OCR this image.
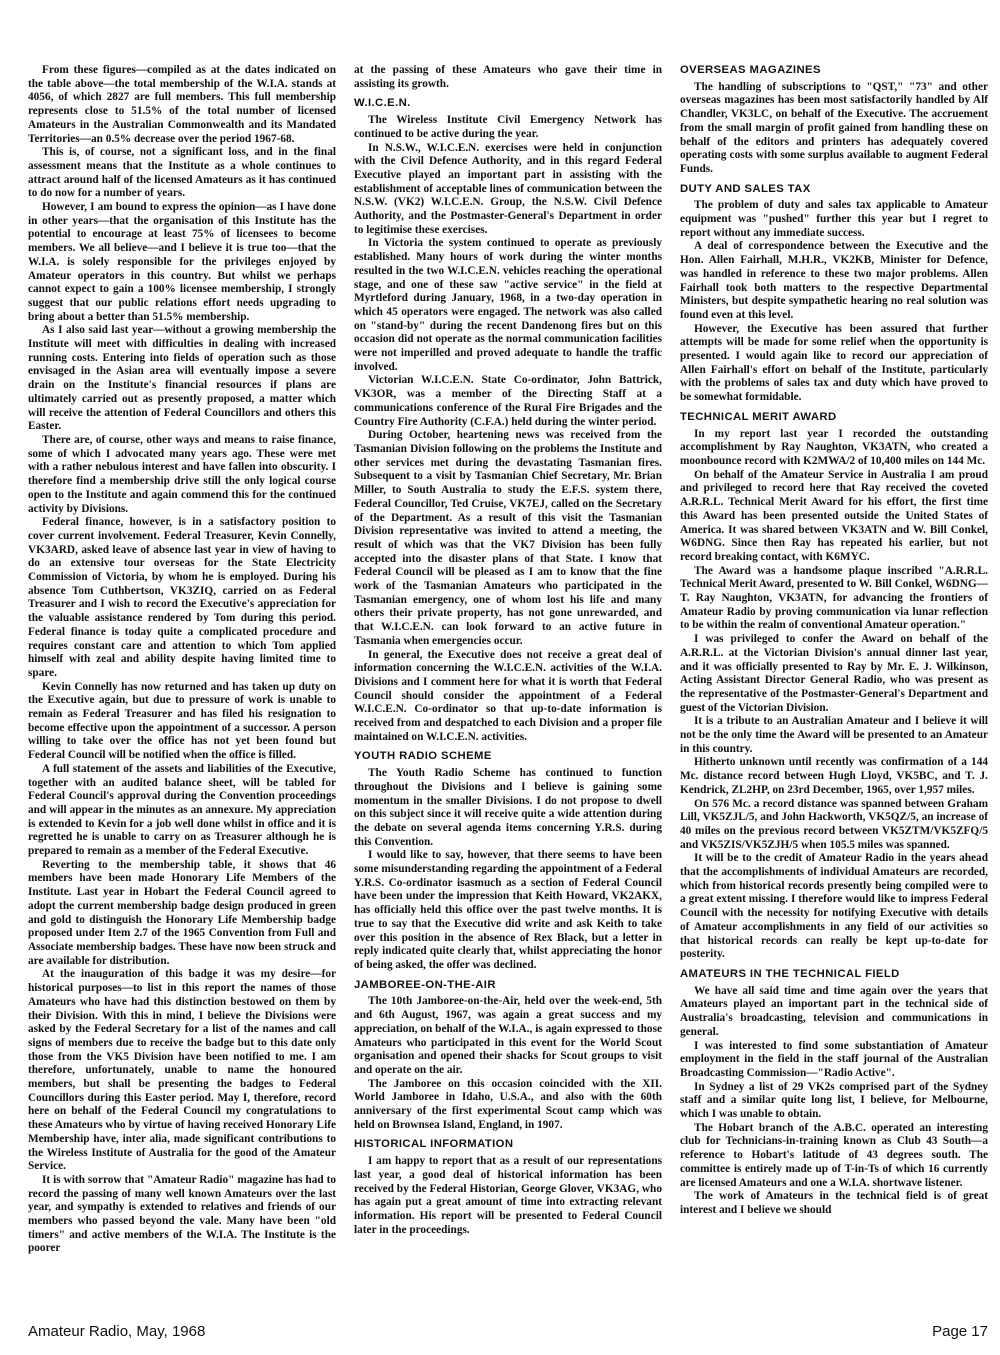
From these figures—compiled as at the dates indicated on the table above—the total membership of the W.I.A. stands at 4056, of which 2827 are full members. This full membership represents close to 51.5% of the total number of licensed Amateurs in the Australian Commonwealth and its Mandated Territories—an 0.5% decrease over the period 1967-68.

This is, of course, not a significant loss, and in the final assessment means that the Institute as a whole continues to attract around half of the licensed Amateurs as it has continued to do now for a number of years.

However, I am bound to express the opinion—as I have done in other years—that the organisation of this Institute has the potential to encourage at least 75% of licensees to become members. We all believe—and I believe it is true too—that the W.I.A. is solely responsible for the privileges enjoyed by Amateur operators in this country. But whilst we perhaps cannot expect to gain a 100% licensee membership, I strongly suggest that our public relations effort needs upgrading to bring about a better than 51.5% membership.

As I also said last year—without a growing membership the Institute will meet with difficulties in dealing with increased running costs. Entering into fields of operation such as those envisaged in the Asian area will eventually impose a severe drain on the Institute's financial resources if plans are ultimately carried out as presently proposed, a matter which will receive the attention of Federal Councillors and others this Easter.

There are, of course, other ways and means to raise finance, some of which I advocated many years ago. These were met with a rather nebulous interest and have fallen into obscurity. I therefore find a membership drive still the only logical course open to the Institute and again commend this for the continued activity by Divisions.

Federal finance, however, is in a satisfactory position to cover current involvement. Federal Treasurer, Kevin Connelly, VK3ARD, asked leave of absence last year in view of having to do an extensive tour overseas for the State Electricity Commission of Victoria, by whom he is employed. During his absence Tom Cuthbertson, VK3ZIQ, carried on as Federal Treasurer and I wish to record the Executive's appreciation for the valuable assistance rendered by Tom during this period. Federal finance is today quite a complicated procedure and requires constant care and attention to which Tom applied himself with zeal and ability despite having limited time to spare.

Kevin Connelly has now returned and has taken up duty on the Executive again, but due to pressure of work is unable to remain as Federal Treasurer and has filed his resignation to become effective upon the appointment of a successor. A person willing to take over the office has not yet been found but Federal Council will be notified when the office is filled.

A full statement of the assets and liabilities of the Executive, together with an audited balance sheet, will be tabled for Federal Council's approval during the Convention proceedings and will appear in the minutes as an annexure. My appreciation is extended to Kevin for a job well done whilst in office and it is regretted he is unable to carry on as Treasurer although he is prepared to remain as a member of the Federal Executive.

Reverting to the membership table, it shows that 46 members have been made Honorary Life Members of the Institute. Last year in Hobart the Federal Council agreed to adopt the current membership badge design produced in green and gold to distinguish the Honorary Life Membership badge proposed under Item 2.7 of the 1965 Convention from Full and Associate membership badges. These have now been struck and are available for distribution.

At the inauguration of this badge it was my desire—for historical purposes—to list in this report the names of those Amateurs who have had this distinction bestowed on them by their Division. With this in mind, I believe the Divisions were asked by the Federal Secretary for a list of the names and call signs of members due to receive the badge but to this date only those from the VK5 Division have been notified to me. I am therefore, unfortunately, unable to name the honoured members, but shall be presenting the badges to Federal Councillors during this Easter period. May I, therefore, record here on behalf of the Federal Council my congratulations to these Amateurs who by virtue of having received Honorary Life Membership have, inter alia, made significant contributions to the Wireless Institute of Australia for the good of the Amateur Service.

It is with sorrow that "Amateur Radio" magazine has had to record the passing of many well known Amateurs over the last year, and sympathy is extended to relatives and friends of our members who passed beyond the vale. Many have been "old timers" and active members of the W.I.A. The Institute is the poorer

at the passing of these Amateurs who gave their time in assisting its growth.

W.I.C.E.N.

The Wireless Institute Civil Emergency Network has continued to be active during the year.

In N.S.W., W.I.C.E.N. exercises were held in conjunction with the Civil Defence Authority, and in this regard Federal Executive played an important part in assisting with the establishment of acceptable lines of communication between the N.S.W. (VK2) W.I.C.E.N. Group, the N.S.W. Civil Defence Authority, and the Postmaster-General's Department in order to legitimise these exercises.

In Victoria the system continued to operate as previously established. Many hours of work during the winter months resulted in the two W.I.C.E.N. vehicles reaching the operational stage, and one of these saw "active service" in the field at Myrtleford during January, 1968, in a two-day operation in which 45 operators were engaged. The network was also called on "stand-by" during the recent Dandenong fires but on this occasion did not operate as the normal communication facilities were not imperilled and proved adequate to handle the traffic involved.

Victorian W.I.C.E.N. State Co-ordinator, John Battrick, VK3OR, was a member of the Directing Staff at a communications conference of the Rural Fire Brigades and the Country Fire Authority (C.F.A.) held during the winter period.

During October, heartening news was received from the Tasmanian Division following on the problems the Institute and other services met during the devastating Tasmanian fires. Subsequent to a visit by Tasmanian Chief Secretary, Mr. Brian Miller, to South Australia to study the E.F.S. system there, Federal Councillor, Ted Cruise, VK7EJ, called on the Secretary of the Department. As a result of this visit the Tasmanian Division representative was invited to attend a meeting, the result of which was that the VK7 Division has been fully accepted into the disaster plans of that State. I know that Federal Council will be pleased as I am to know that the fine work of the Tasmanian Amateurs who participated in the Tasmanian emergency, one of whom lost his life and many others their private property, has not gone unrewarded, and that W.I.C.E.N. can look forward to an active future in Tasmania when emergencies occur.

In general, the Executive does not receive a great deal of information concerning the W.I.C.E.N. activities of the W.I.A. Divisions and I comment here for what it is worth that Federal Council should consider the appointment of a Federal W.I.C.E.N. Co-ordinator so that up-to-date information is received from and despatched to each Division and a proper file maintained on W.I.C.E.N. activities.

YOUTH RADIO SCHEME

The Youth Radio Scheme has continued to function throughout the Divisions and I believe is gaining some momentum in the smaller Divisions. I do not propose to dwell on this subject since it will receive quite a wide attention during the debate on several agenda items concerning Y.R.S. during this Convention.

I would like to say, however, that there seems to have been some misunderstanding regarding the appointment of a Federal Y.R.S. Co-ordinator isasmuch as a section of Federal Council have been under the impression that Keith Howard, VK2AKX, has officially held this office over the past twelve months. It is true to say that the Executive did write and ask Keith to take over this position in the absence of Rex Black, but a letter in reply indicated quite clearly that, whilst appreciating the honor of being asked, the offer was declined.

JAMBOREE-ON-THE-AIR

The 10th Jamboree-on-the-Air, held over the week-end, 5th and 6th August, 1967, was again a great success and my appreciation, on behalf of the W.I.A., is again expressed to those Amateurs who participated in this event for the World Scout organisation and opened their shacks for Scout groups to visit and operate on the air.

The Jamboree on this occasion coincided with the XII. World Jamboree in Idaho, U.S.A., and also with the 60th anniversary of the first experimental Scout camp which was held on Brownsea Island, England, in 1907.

HISTORICAL INFORMATION

I am happy to report that as a result of our representations last year, a good deal of historical information has been received by the Federal Historian, George Glover, VK3AG, who has again put a great amount of time into extracting relevant information. His report will be presented to Federal Council later in the proceedings.

OVERSEAS MAGAZINES

The handling of subscriptions to "QST," "73" and other overseas magazines has been most satisfactorily handled by Alf Chandler, VK3LC, on behalf of the Executive. The accruement from the small margin of profit gained from handling these on behalf of the editors and printers has adequately covered operating costs with some surplus available to augment Federal Funds.

DUTY AND SALES TAX

The problem of duty and sales tax applicable to Amateur equipment was "pushed" further this year but I regret to report without any immediate success.

A deal of correspondence between the Executive and the Hon. Allen Fairhall, M.H.R., VK2KB, Minister for Defence, was handled in reference to these two major problems. Allen Fairhall took both matters to the respective Departmental Ministers, but despite sympathetic hearing no real solution was found even at this level.

However, the Executive has been assured that further attempts will be made for some relief when the opportunity is presented. I would again like to record our appreciation of Allen Fairhall's effort on behalf of the Institute, particularly with the problems of sales tax and duty which have proved to be somewhat formidable.

TECHNICAL MERIT AWARD

In my report last year I recorded the outstanding accomplishment by Ray Naughton, VK3ATN, who created a moonbounce record with K2MWA/2 of 10,400 miles on 144 Mc.

On behalf of the Amateur Service in Australia I am proud and privileged to record here that Ray received the coveted A.R.R.L. Technical Merit Award for his effort, the first time this Award has been presented outside the United States of America. It was shared between VK3ATN and W. Bill Conkel, W6DNG. Since then Ray has repeated his earlier, but not record breaking contact, with K6MYC.

The Award was a handsome plaque inscribed "A.R.R.L. Technical Merit Award, presented to W. Bill Conkel, W6DNG—T. Ray Naughton, VK3ATN, for advancing the frontiers of Amateur Radio by proving communication via lunar reflection to be within the realm of conventional Amateur operation."

I was privileged to confer the Award on behalf of the A.R.R.L. at the Victorian Division's annual dinner last year, and it was officially presented to Ray by Mr. E. J. Wilkinson, Acting Assistant Director General Radio, who was present as the representative of the Postmaster-General's Department and guest of the Victorian Division.

It is a tribute to an Australian Amateur and I believe it will not be the only time the Award will be presented to an Amateur in this country.

Hitherto unknown until recently was confirmation of a 144 Mc. distance record between Hugh Lloyd, VK5BC, and T. J. Kendrick, ZL2HP, on 23rd December, 1965, over 1,957 miles.

On 576 Mc. a record distance was spanned between Graham Lill, VK5ZJL/5, and John Hackworth, VK5QZ/5, an increase of 40 miles on the previous record between VK5ZTM/VK5ZFQ/5 and VK5ZIS/VK5ZJH/5 when 105.5 miles was spanned.

It will be to the credit of Amateur Radio in the years ahead that the accomplishments of individual Amateurs are recorded, which from historical records presently being compiled were to a great extent missing. I therefore would like to impress Federal Council with the necessity for notifying Executive with details of Amateur accomplishments in any field of our activities so that historical records can really be kept up-to-date for posterity.

AMATEURS IN THE TECHNICAL FIELD

We have all said time and time again over the years that Amateurs played an important part in the technical side of Australia's broadcasting, television and communications in general.

I was interested to find some substantiation of Amateur employment in the field in the staff journal of the Australian Broadcasting Commission—"Radio Active".

In Sydney a list of 29 VK2s comprised part of the Sydney staff and a similar quite long list, I believe, for Melbourne, which I was unable to obtain.

The Hobart branch of the A.B.C. operated an interesting club for Technicians-in-training known as Club 43 South—a reference to Hobart's latitude of 43 degrees south. The committee is entirely made up of T-in-Ts of which 16 currently are licensed Amateurs and one a W.I.A. shortwave listener.

The work of Amateurs in the technical field is of great interest and I believe we should

Amateur Radio, May, 1968	Page 17
